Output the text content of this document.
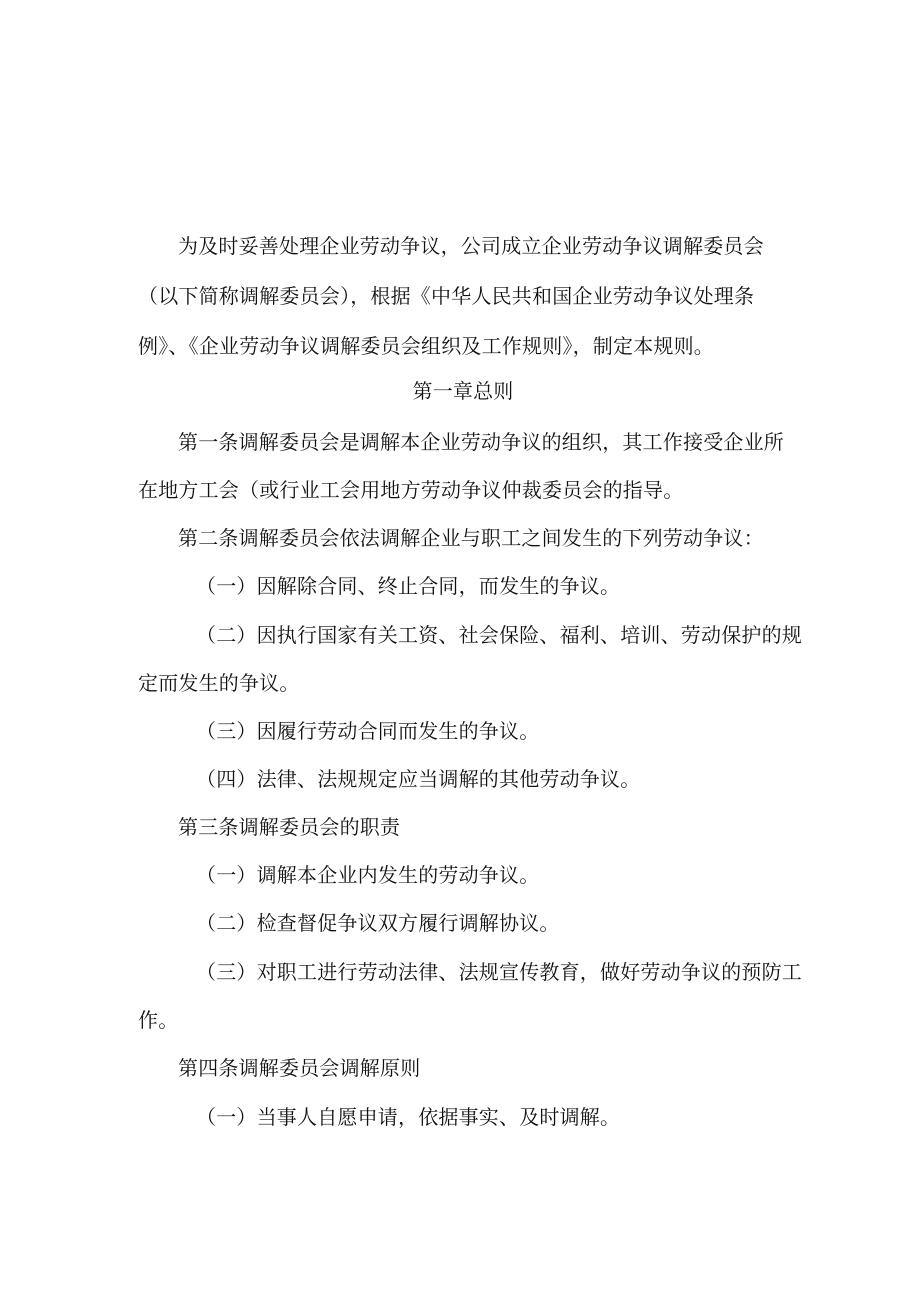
为及时妥善处理企业劳动争议，公司成立企业劳动争议调解委员会
（以下简称调解委员会），根据《中华人民共和国企业劳动争议处理条
例》、《企业劳动争议调解委员会组织及工作规则》，制定本规则。
第一章总则
第一条调解委员会是调解本企业劳动争议的组织，其工作接受企业所
在地方工会（或行业工会用地方劳动争议仲裁委员会的指导。
第二条调解委员会依法调解企业与职工之间发生的下列劳动争议：
（一）因解除合同、终止合同，而发生的争议。
（二）因执行国家有关工资、社会保险、福利、培训、劳动保护的规
定而发生的争议。
（三）因履行劳动合同而发生的争议。
（四）法律、法规规定应当调解的其他劳动争议。
第三条调解委员会的职责
（一）调解本企业内发生的劳动争议。
（二）检查督促争议双方履行调解协议。
（三）对职工进行劳动法律、法规宣传教育，做好劳动争议的预防工
作。
第四条调解委员会调解原则
（一）当事人自愿申请，依据事实、及时调解。
